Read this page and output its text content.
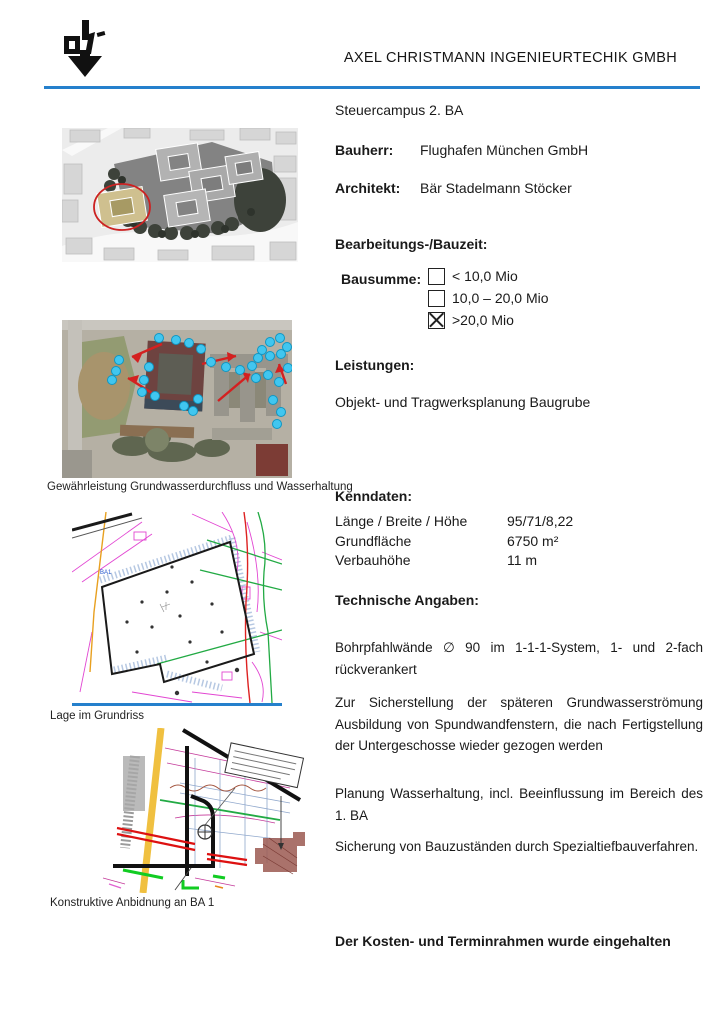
AXEL CHRISTMANN INGENIEURTECHIK GMBH
Gewährleistung Grundwasserdurchfluss und Wasserhaltung
BA1
Lage im Grundriss
Konstruktive Anbidnung an BA 1
Steuercampus 2. BA
Bauherr:	Flughafen München GmbH
Architekt:	Bär Stadelmann Stöcker
Bearbeitungs-/Bauzeit:
Bausumme: < 10,0 Mio
10,0 – 20,0 Mio
>20,0 Mio
Leistungen:
Objekt- und Tragwerksplanung Baugrube
Kenndaten:
Länge / Breite / Höhe	95/71/8,22
Grundfläche	6750 m²
Verbauhöhe	11 m
Technische Angaben:
Bohrpfahlwände ∅ 90 im 1-1-1-System, 1- und 2-fach rückverankert
Zur Sicherstellung der späteren Grundwasserströmung Ausbildung von Spundwandfenstern, die nach Fertigstellung der Untergeschosse wieder gezogen werden
Planung Wasserhaltung, incl. Beeinflussung im Bereich des 1. BA
Sicherung von Bauzuständen durch Spezialtiefbauverfahren.
Der Kosten- und Terminrahmen wurde eingehalten
